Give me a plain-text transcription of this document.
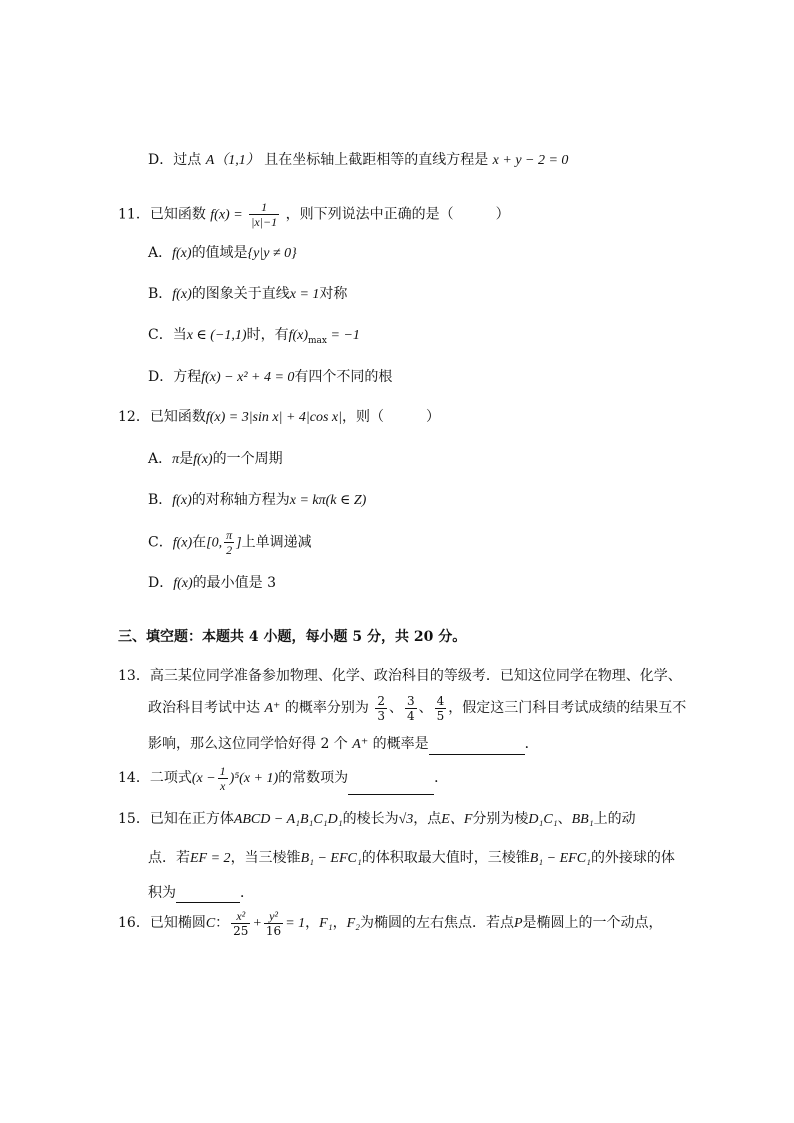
D．过点 A（1,1） 且在坐标轴上截距相等的直线方程是 x + y − 2 = 0
11．已知函数 $f(x) = \frac{1}{|x|-1}$ ，则下列说法中正确的是（　　　）
A．f(x)的值域是{y|y ≠ 0}
B．f(x)的图象关于直线x = 1对称
C．当x ∈ (−1,1)时，有$f(x)_{max} = -1$
D．方程f(x) − x² + 4 = 0有四个不同的根
12．已知函数f(x) = 3|sin x| + 4|cos x|，则（　　　）
A．π是f(x)的一个周期
B．f(x)的对称轴方程为x = kπ(k ∈ Z)
C．f(x)在[0, $\frac{\pi}{2}$ ]上单调递减
D．f(x)的最小值是 3
三、填空题：本题共 4 小题，每小题 5 分，共 20 分。
13．高三某位同学准备参加物理、化学、政治科目的等级考．已知这位同学在物理、化学、
政治科目考试中达 A⁺ 的概率分别为 $\frac{2}{3}$ 、 $\frac{3}{4}$ 、 $\frac{4}{5}$ ，假定这三门科目考试成绩的结果互不
影响，那么这位同学恰好得 2 个 A⁺ 的概率是	．
14．二项式$(x - \frac{1}{x} )^5(x + 1)$的常数项为	．
15．已知在正方体ABCD − A₁B₁C₁D₁的棱长为√3，点E、F分别为棱D₁C₁、BB₁上的动
点．若EF = 2，当三棱锥B₁ − EFC₁的体积取最大值时，三棱锥B₁ − EFC₁的外接球的体
积为	．
16．已知椭圆C： $\frac{\text{x²}}{25} + \frac{\text{y²}}{16} = 1$，F₁，F₂为椭圆的左右焦点．若点P是椭圆上的一个动点，
